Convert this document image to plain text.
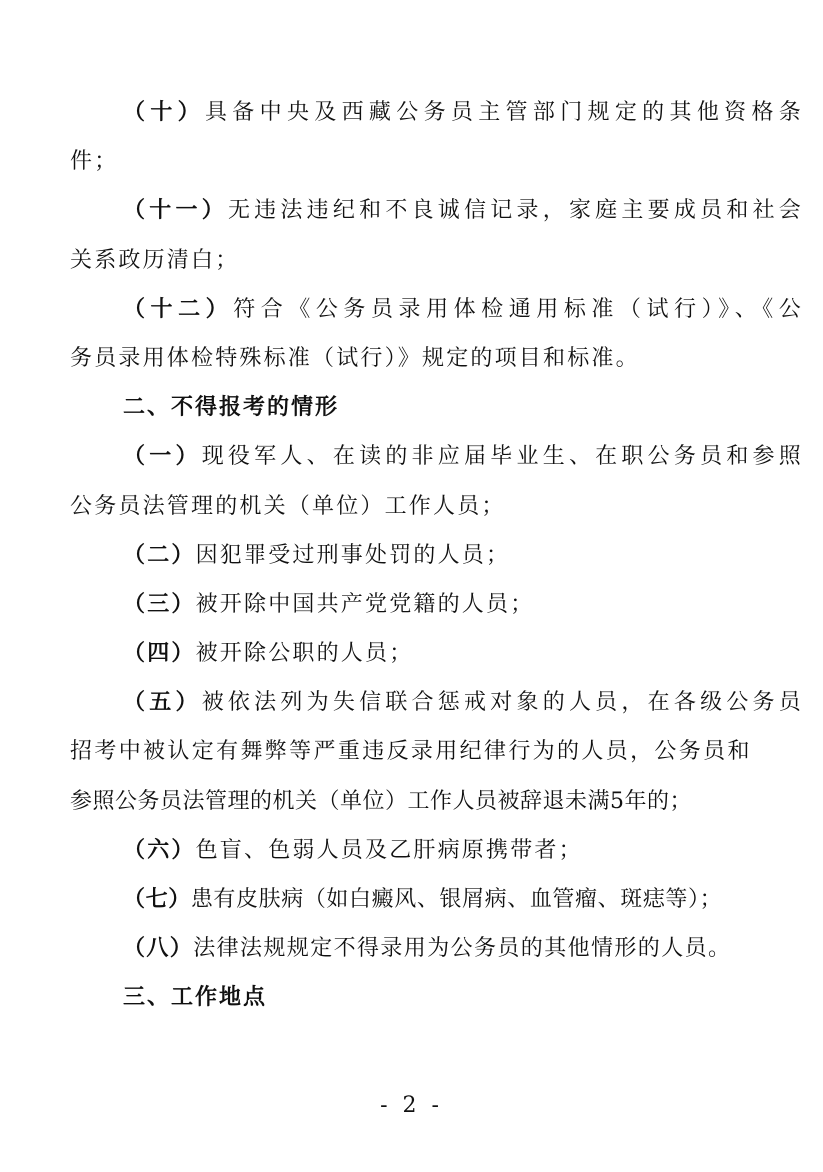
（十）具备中央及西藏公务员主管部门规定的其他资格条
件；
（十一）无违法违纪和不良诚信记录，家庭主要成员和社会
关系政历清白；
（十二）符合《公务员录用体检通用标准（试行）》、《公
务员录用体检特殊标准（试行）》规定的项目和标准。
二、不得报考的情形
（一）现役军人、在读的非应届毕业生、在职公务员和参照
公务员法管理的机关（单位）工作人员；
（二）因犯罪受过刑事处罚的人员；
（三）被开除中国共产党党籍的人员；
（四）被开除公职的人员；
（五）被依法列为失信联合惩戒对象的人员，在各级公务员
招考中被认定有舞弊等严重违反录用纪律行为的人员，公务员和
参照公务员法管理的机关（单位）工作人员被辞退未满5年的；
（六）色盲、色弱人员及乙肝病原携带者；
（七）患有皮肤病（如白癜风、银屑病、血管瘤、斑痣等）；
（八）法律法规规定不得录用为公务员的其他情形的人员。
三、工作地点
- 2 -
